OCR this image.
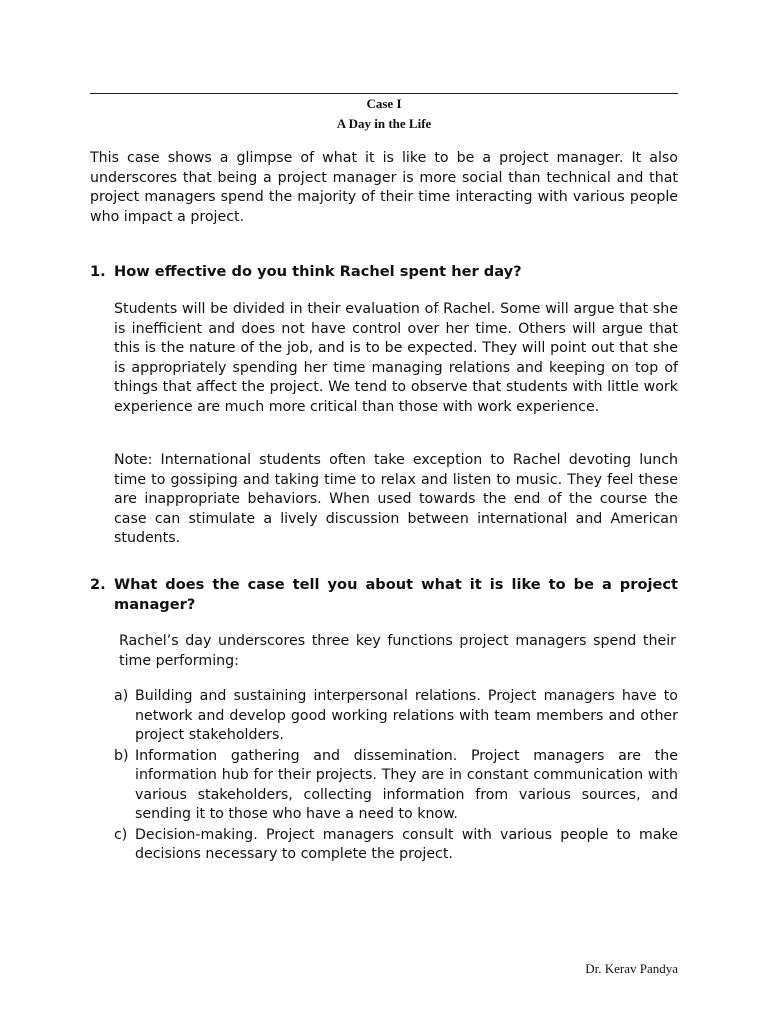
Case I
A Day in the Life
This case shows a glimpse of what it is like to be a project manager. It also underscores that being a project manager is more social than technical and that project managers spend the majority of their time interacting with various people who impact a project.
1. How effective do you think Rachel spent her day?
Students will be divided in their evaluation of Rachel. Some will argue that she is inefficient and does not have control over her time. Others will argue that this is the nature of the job, and is to be expected. They will point out that she is appropriately spending her time managing relations and keeping on top of things that affect the project. We tend to observe that students with little work experience are much more critical than those with work experience.
Note: International students often take exception to Rachel devoting lunch time to gossiping and taking time to relax and listen to music. They feel these are inappropriate behaviors. When used towards the end of the course the case can stimulate a lively discussion between international and American students.
2. What does the case tell you about what it is like to be a project manager?
Rachel’s day underscores three key functions project managers spend their time performing:
a) Building and sustaining interpersonal relations. Project managers have to network and develop good working relations with team members and other project stakeholders.
b) Information gathering and dissemination. Project managers are the information hub for their projects. They are in constant communication with various stakeholders, collecting information from various sources, and sending it to those who have a need to know.
c) Decision-making. Project managers consult with various people to make decisions necessary to complete the project.
Dr. Kerav Pandya
